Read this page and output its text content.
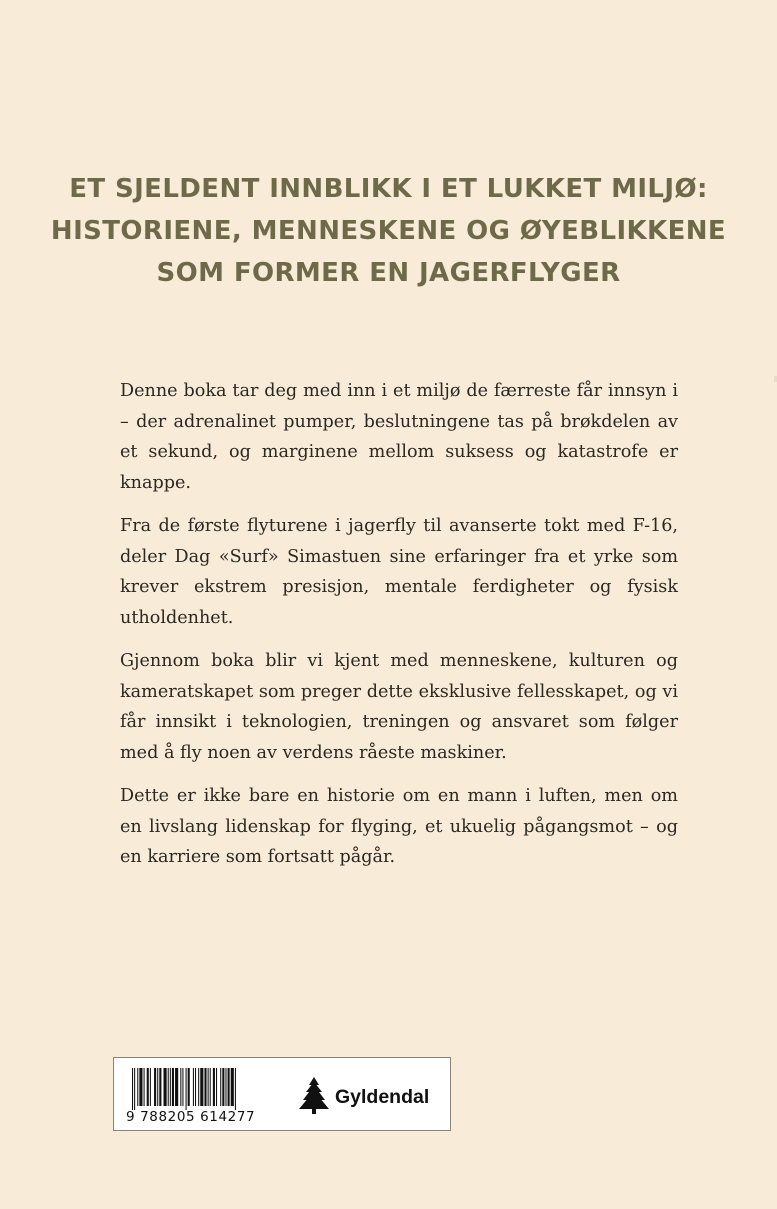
ET SJELDENT INNBLIKK I ET LUKKET MILJØ:
HISTORIENE, MENNESKENE OG ØYEBLIKKENE
SOM FORMER EN JAGERFLYGER

Denne boka tar deg med inn i et miljø de færreste får innsyn i – der adrenalinet pumper, beslutningene tas på brøkdelen av et sekund, og marginene mellom suksess og katastrofe er knappe.

Fra de første flyturene i jagerfly til avanserte tokt med F-16, deler Dag «Surf» Simastuen sine erfaringer fra et yrke som krever ekstrem presisjon, mentale ferdigheter og fysisk utholdenhet.

Gjennom boka blir vi kjent med menneskene, kulturen og kameratskapet som preger dette eksklusive fellesskapet, og vi får innsikt i teknologien, treningen og ansvaret som følger med å fly noen av verdens råeste maskiner.

Dette er ikke bare en historie om en mann i luften, men om en livslang lidenskap for flyging, et ukuelig pågangsmot – og en karriere som fortsatt pågår.

9 788205 614277
Gyldendal
